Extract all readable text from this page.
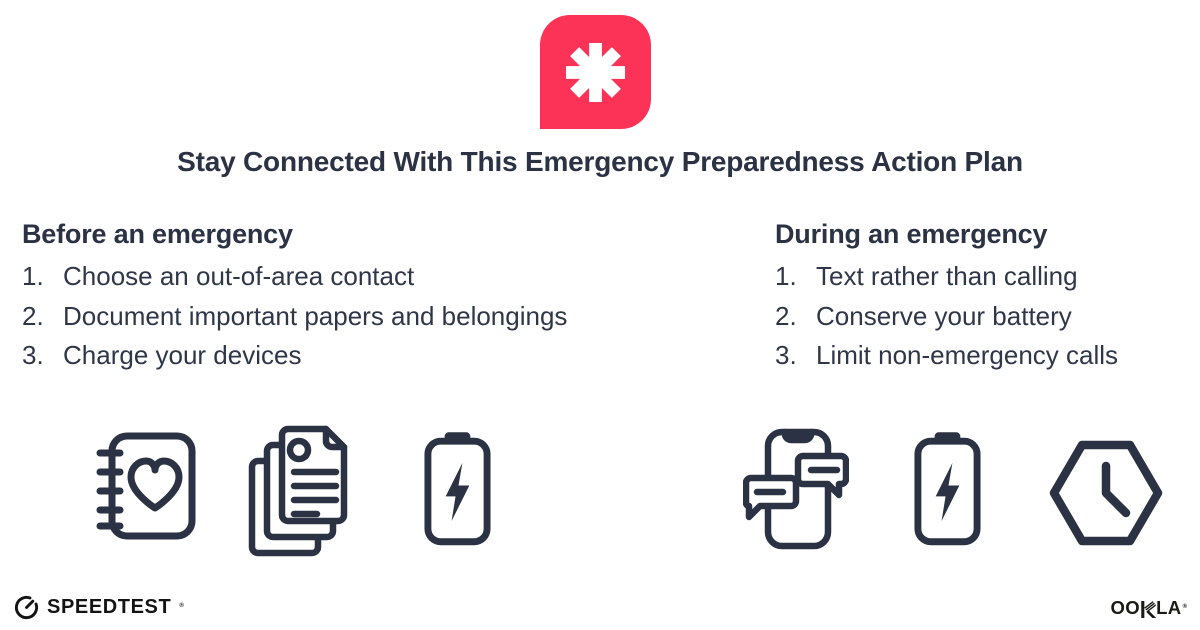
Stay Connected With This Emergency Preparedness Action Plan
Before an emergency
Choose an out-of-area contact
Document important papers and belongings
Charge your devices
During an emergency
Text rather than calling
Conserve your battery
Limit non-emergency calls
SPEEDTEST ®	OO LA ®
